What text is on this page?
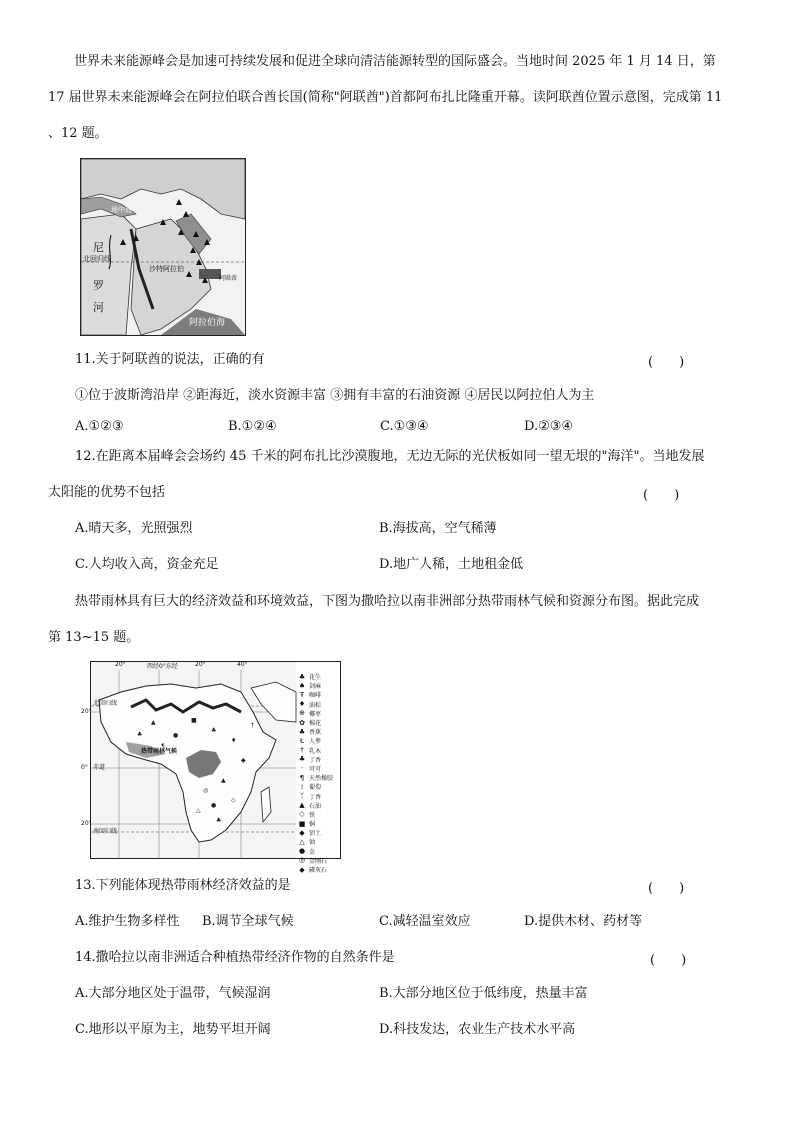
世界未来能源峰会是加速可持续发展和促进全球向清洁能源转型的国际盛会。当地时间 2025 年 1 月 14 日，第
17 届世界未来能源峰会在阿拉伯联合酋长国(简称"阿联酋")首都阿布扎比隆重开幕。读阿联酋位置示意图，完成第 11
、12 题。
尼
罗
河
北回归线
沙特阿拉伯
阿联酋
阿拉伯海
地中海
11.关于阿联酋的说法，正确的有	(　　)
①位于波斯湾沿岸 ②距海近，淡水资源丰富 ③拥有丰富的石油资源 ④居民以阿拉伯人为主
A.①②③	B.①②④	C.①③④	D.②③④
12.在距离本届峰会会场约 45 千米的阿布扎比沙漠腹地，无边无际的光伏板如同一望无垠的"海洋"。当地发展
太阳能的优势不包括	(　　)
A.晴天多，光照强烈	B.海拔高，空气稀薄
C.人均收入高，资金充足	D.地广人稀，土地租金低
热带雨林具有巨大的经济效益和环境效益，下图为撒哈拉以南非洲部分热带雨林气候和资源分布图。据此完成
第 13~15 题。
▲	■
♣
●
♦
◆
▲
◎
●
◇
△
♣
♣
¶
†
20°	西经0°东经	20°	40°
20°
0°
20°
北回归线
赤道
南回归线
热带雨林气候
♣ 花生
♠ 剑麻
Ŧ 咖啡
♦ 油棕
⊕ 椰枣
✿ 棉花
♣ 香蕉
Ł 人參
† 乳木
♣ 丁香
· 可可
¶ 天然橡胶
≀ 葡萄
ᛉ 丁香
▲ 石油
◇ 铁
■ 铜
◆ 铝土
△ 铀
● 金
◎ 金刚石
◆ 磷灰石
13.下列能体现热带雨林经济效益的是	(　　)
A.维护生物多样性 B.调节全球气候	C.减轻温室效应	D.提供木材、药材等
14.撒哈拉以南非洲适合种植热带经济作物的自然条件是	(　　)
A.大部分地区处于温带，气候湿润	B.大部分地区位于低纬度，热量丰富
C.地形以平原为主，地势平坦开阔	D.科技发达，农业生产技术水平高
